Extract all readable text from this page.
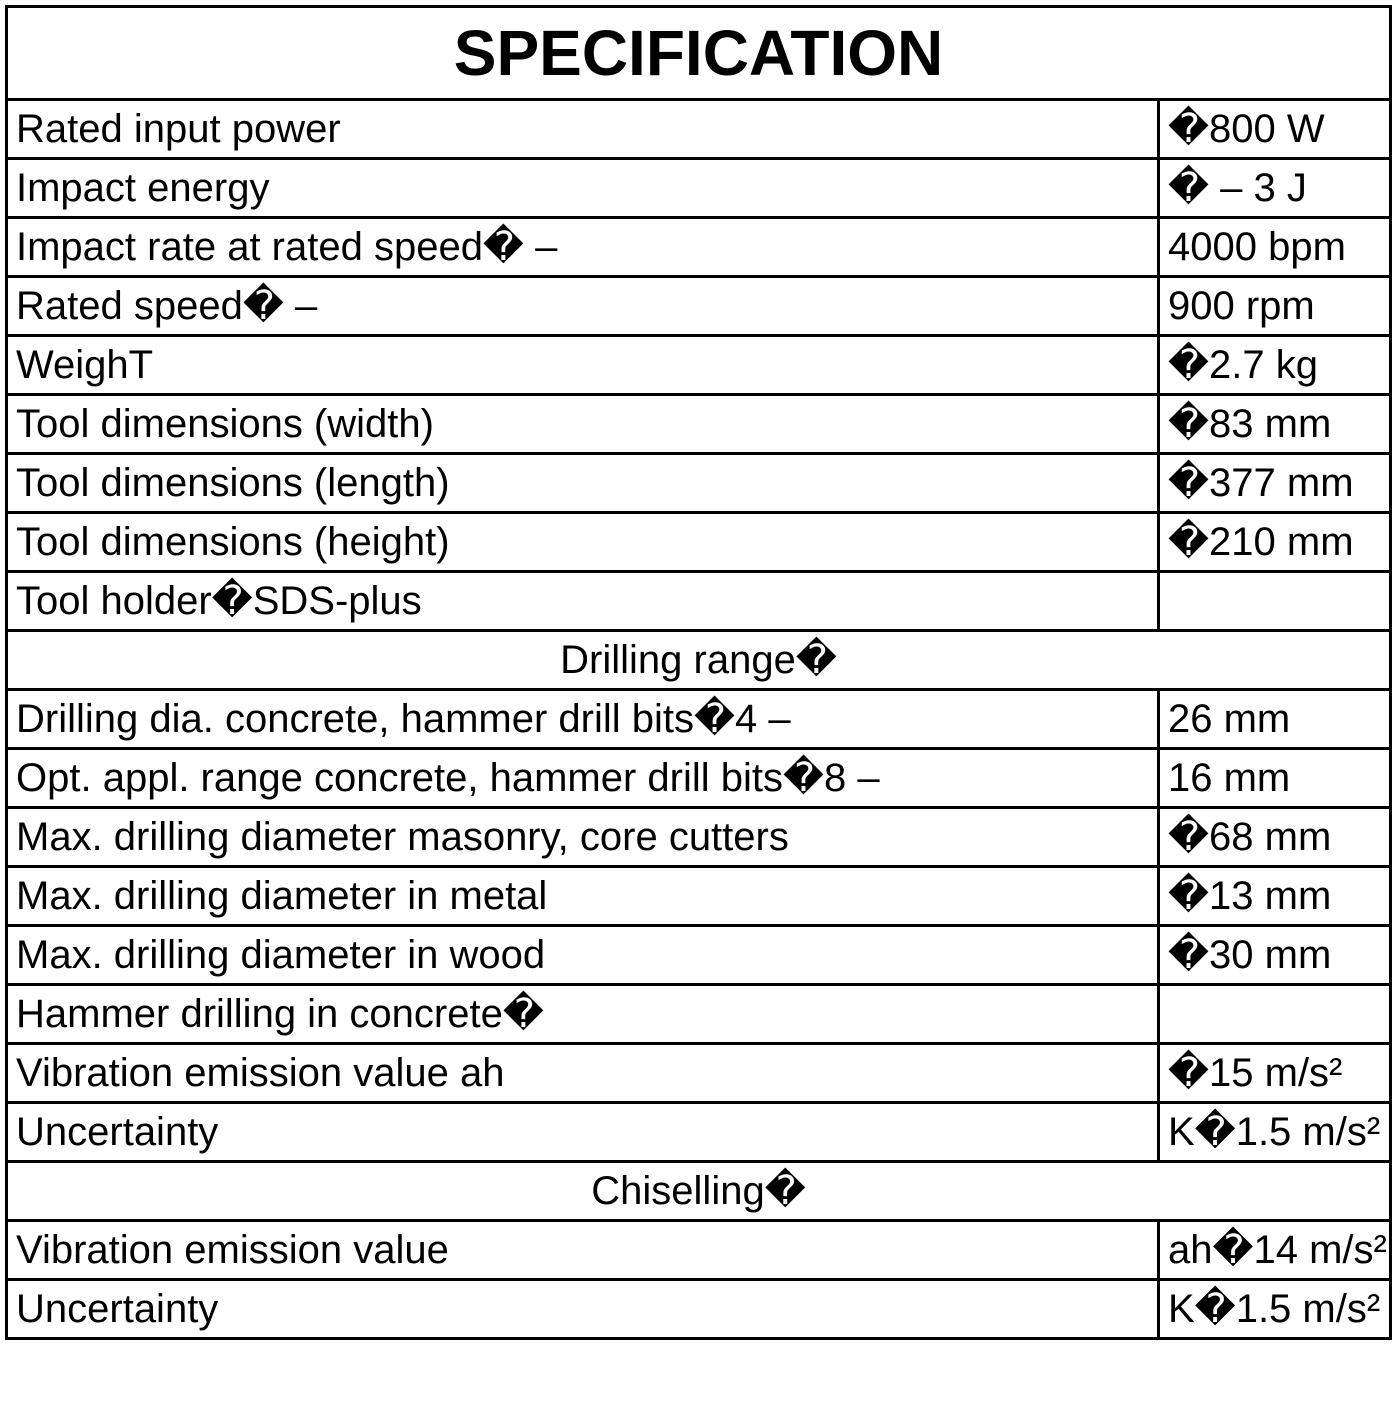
SPECIFICATION	
Rated input power	�800 W
Impact energy	� – 3 J
Impact rate at rated speed� –	4000 bpm
Rated speed� –	900 rpm
WeighT	�2.7 kg
Tool dimensions (width)	�83 mm
Tool dimensions (length)	�377 mm
Tool dimensions (height)	�210 mm
Tool holder�SDS-plus	
Drilling range�	
Drilling dia. concrete, hammer drill bits�4 –	26 mm
Opt. appl. range concrete, hammer drill bits�8 –	16 mm
Max. drilling diameter masonry, core cutters	�68 mm
Max. drilling diameter in metal	�13 mm
Max. drilling diameter in wood	�30 mm
Hammer drilling in concrete�	
Vibration emission value ah	�15 m/s²
Uncertainty	K�1.5 m/s²
Chiselling�	
Vibration emission value	ah�14 m/s²
Uncertainty	K�1.5 m/s²
